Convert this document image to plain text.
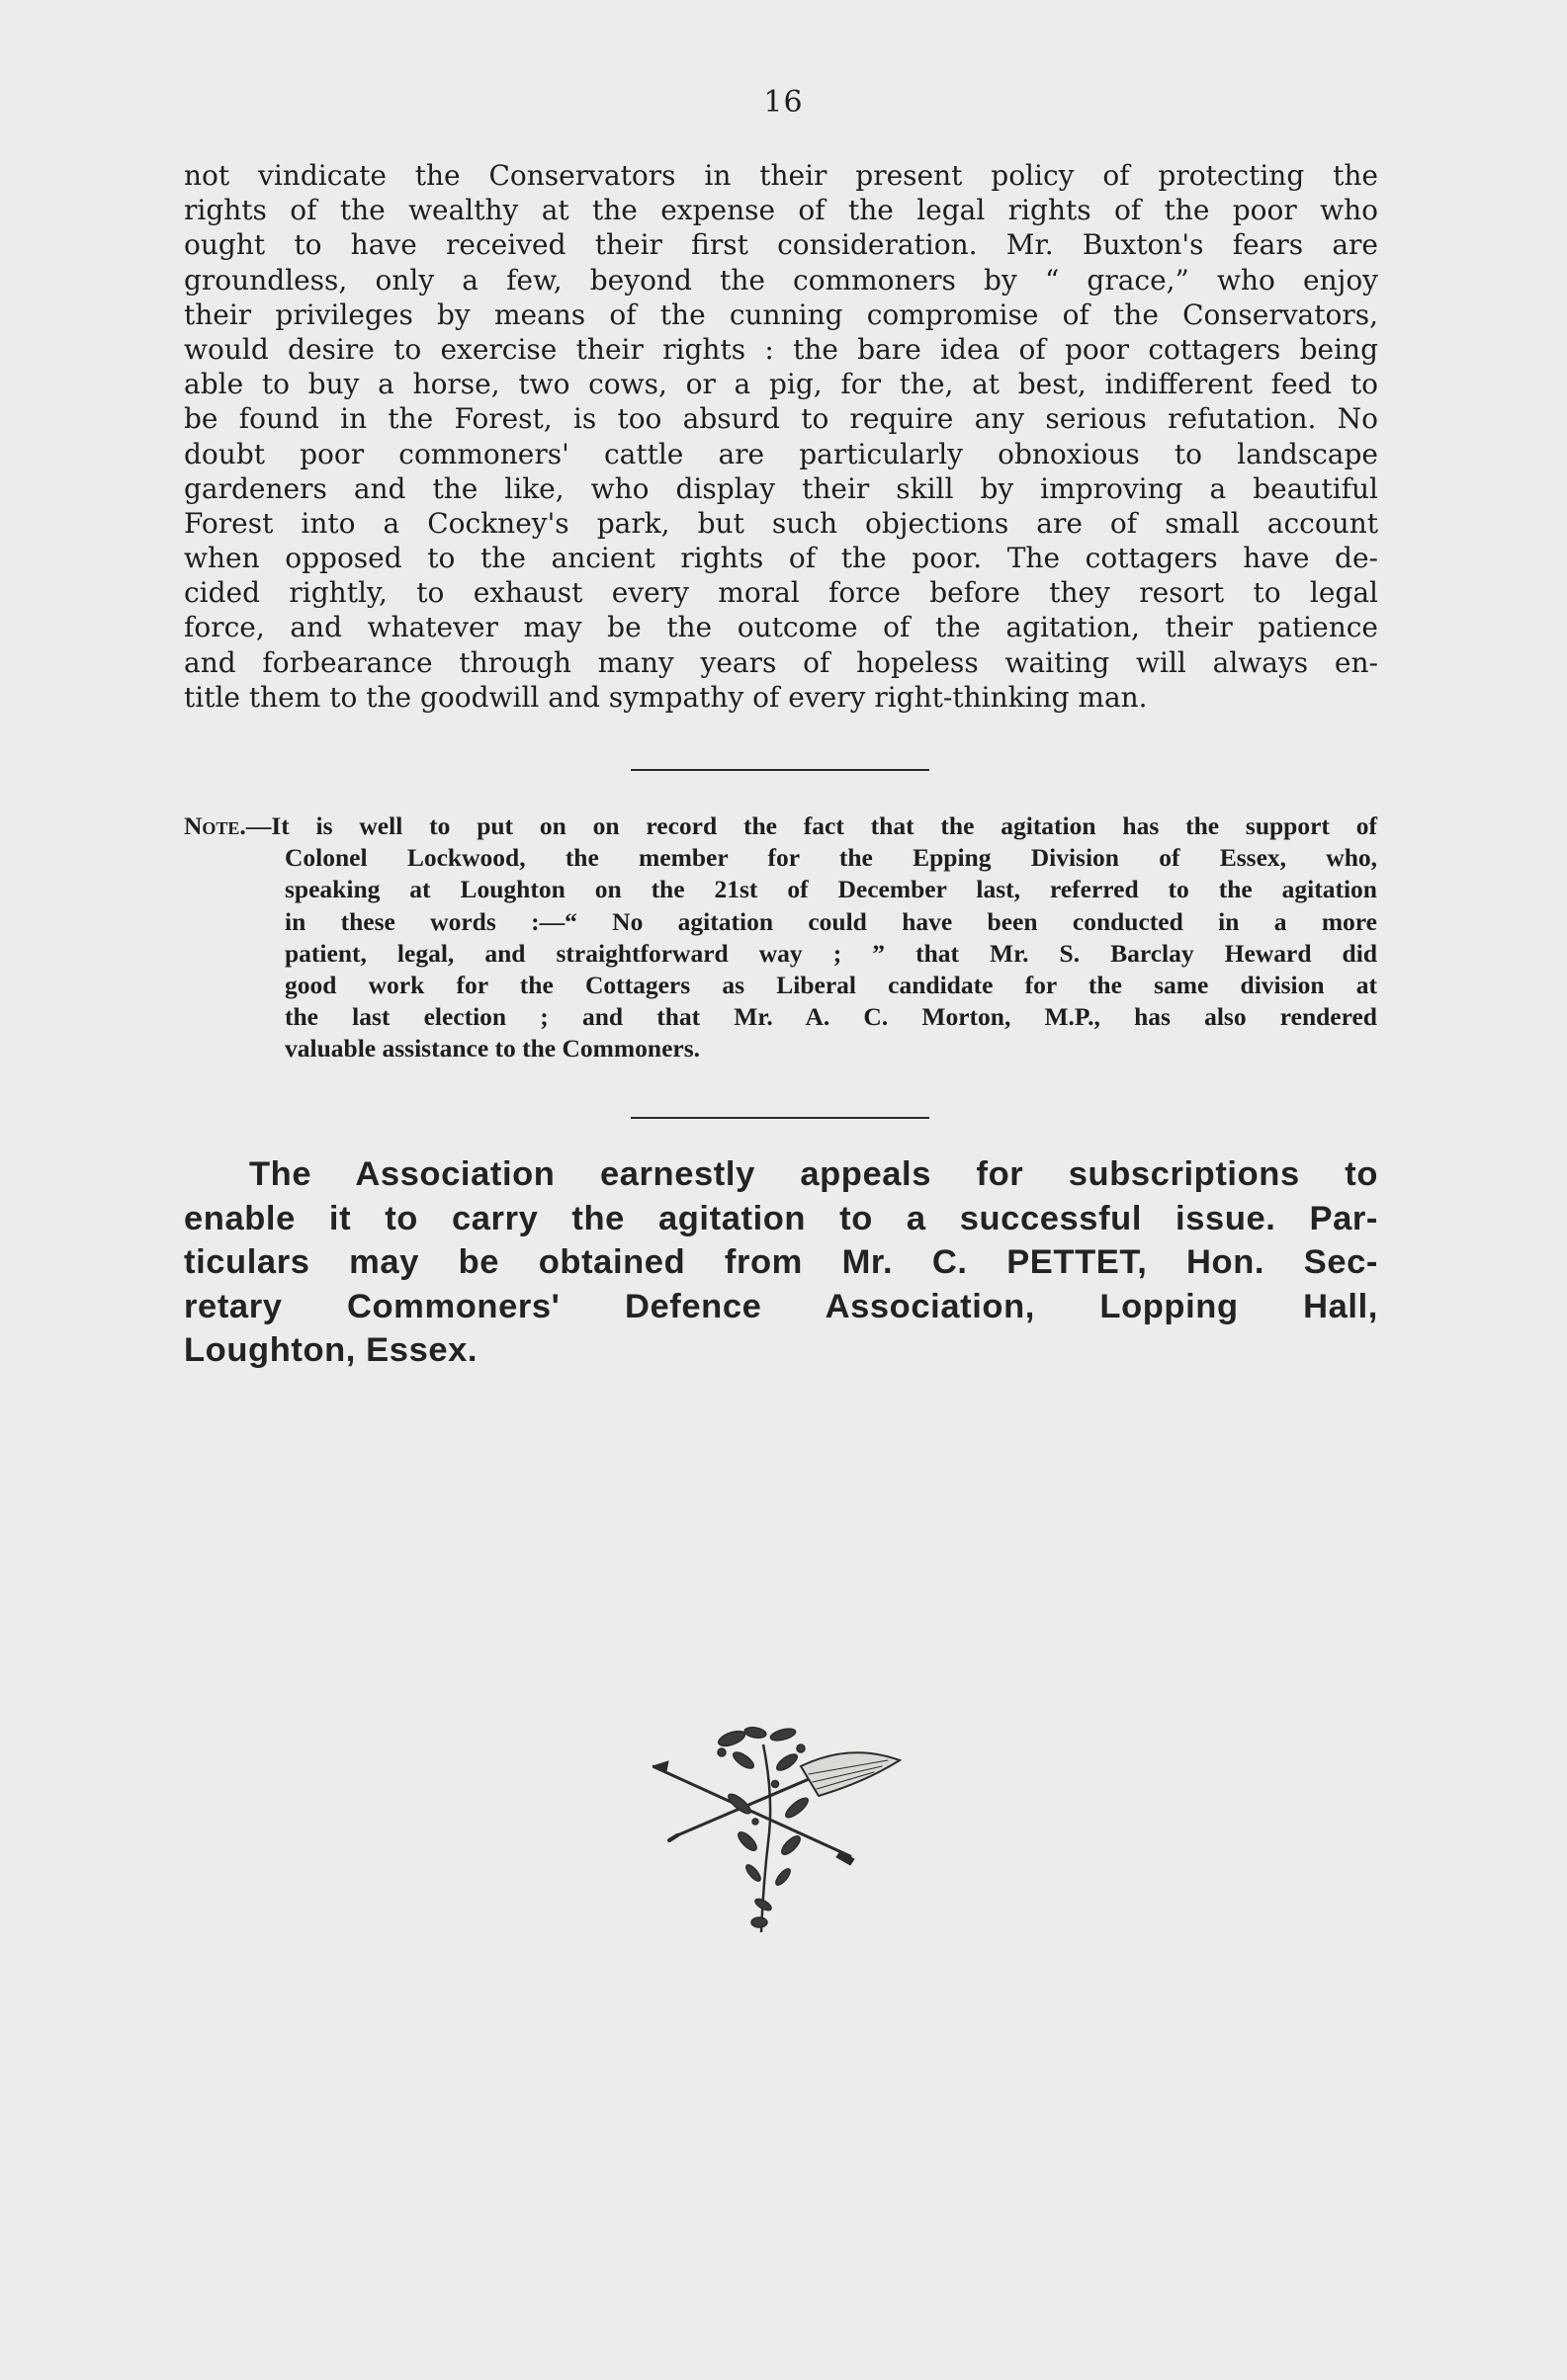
16
not vindicate the Conservators in their present policy of protecting the
rights of the wealthy at the expense of the legal rights of the poor who
ought to have received their first consideration. Mr. Buxton's fears are
groundless, only a few, beyond the commoners by “ grace,” who enjoy
their privileges by means of the cunning compromise of the Conservators,
would desire to exercise their rights : the bare idea of poor cottagers being
able to buy a horse, two cows, or a pig, for the, at best, indifferent feed to
be found in the Forest, is too absurd to require any serious refutation. No
doubt poor commoners' cattle are particularly obnoxious to landscape
gardeners and the like, who display their skill by improving a beautiful
Forest into a Cockney's park, but such objections are of small account
when opposed to the ancient rights of the poor. The cottagers have de-
cided rightly, to exhaust every moral force before they resort to legal
force, and whatever may be the outcome of the agitation, their patience
and forbearance through many years of hopeless waiting will always en-
title them to the goodwill and sympathy of every right-thinking man.
Note.—It is well to put on on record the fact that the agitation has the support of
Colonel Lockwood, the member for the Epping Division of Essex, who,
speaking at Loughton on the 21st of December last, referred to the agitation
in these words :—“ No agitation could have been conducted in a more
patient, legal, and straightforward way ; ” that Mr. S. Barclay Heward did
good work for the Cottagers as Liberal candidate for the same division at
the last election ; and that Mr. A. C. Morton, M.P., has also rendered
valuable assistance to the Commoners.
The Association earnestly appeals for subscriptions to
enable it to carry the agitation to a successful issue. Par-
ticulars may be obtained from Mr. C. PETTET, Hon. Sec-
retary Commoners' Defence Association, Lopping Hall,
Loughton, Essex.
